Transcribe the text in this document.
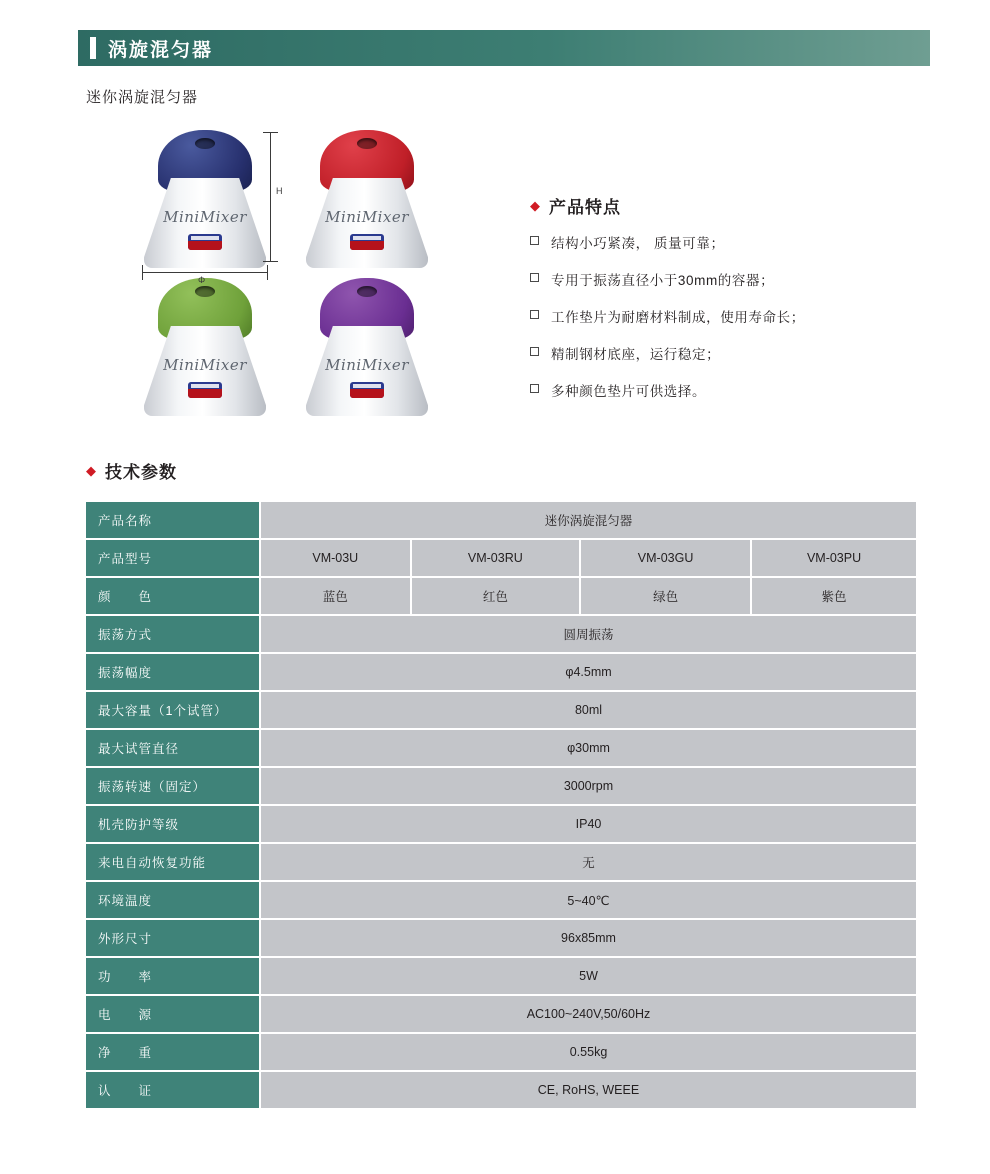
涡旋混匀器
迷你涡旋混匀器
MiniMixer	MiniMixer
MiniMixer	MiniMixer
H
Φ
◆ 产品特点
结构小巧紧凑， 质量可靠；
专用于振荡直径小于30mm的容器；
工作垫片为耐磨材料制成，使用寿命长；
精制钢材底座，运行稳定；
多种颜色垫片可供选择。
◆ 技术参数
产品名称	迷你涡旋混匀器			
产品型号	VM-03U	VM-03RU	VM-03GU	VM-03PU
颜　　色	蓝色	红色	绿色	紫色
振荡方式	圆周振荡			
振荡幅度	φ4.5mm			
最大容量（1个试管）	80ml			
最大试管直径	φ30mm			
振荡转速（固定）	3000rpm			
机壳防护等级	IP40			
来电自动恢复功能	无			
环境温度	5~40℃			
外形尺寸	96x85mm			
功　　率	5W			
电　　源	AC100~240V,50/60Hz			
净　　重	0.55kg			
认　　证	CE, RoHS, WEEE			
